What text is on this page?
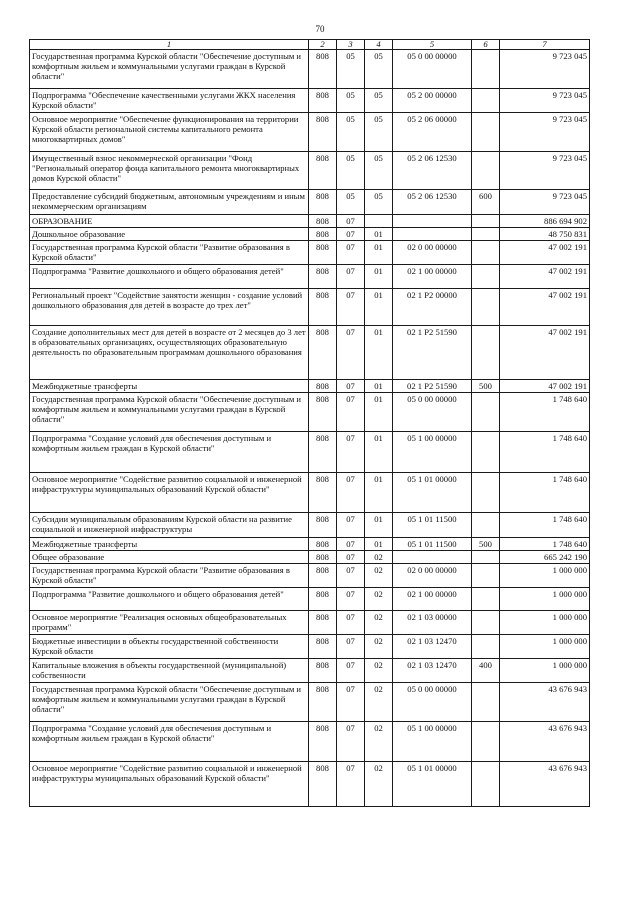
70
1	2	3	4	5	6	7
Государственная программа Курской области "Обеспечение доступным и комфортным жильем и коммунальными услугами граждан в Курской области"	808	05	05	05 0 00 00000		9 723 045
Подпрограмма "Обеспечение качественными услугами ЖКХ населения Курской области"	808	05	05	05 2 00 00000		9 723 045
Основное мероприятие "Обеспечение функционирования на территории Курской области региональной системы капитального ремонта многоквартирных домов"	808	05	05	05 2 06 00000		9 723 045
Имущественный взнос некоммерческой организации "Фонд "Региональный оператор фонда капитального ремонта многоквартирных домов Курской области"	808	05	05	05 2 06 12530		9 723 045
Предоставление субсидий бюджетным, автономным учреждениям и иным некоммерческим организациям	808	05	05	05 2 06 12530	600	9 723 045
ОБРАЗОВАНИЕ	808	07				886 694 902
Дошкольное образование	808	07	01			48 750 831
Государственная программа Курской области "Развитие образования в Курской области"	808	07	01	02 0 00 00000		47 002 191
Подпрограмма "Развитие дошкольного и общего образования детей"	808	07	01	02 1 00 00000		47 002 191
Региональный проект "Содействие занятости женщин - создание условий дошкольного образования для детей в возрасте до трех лет"	808	07	01	02 1 P2 00000		47 002 191
Создание дополнительных мест для детей в возрасте от 2 месяцев до 3 лет в образовательных организациях, осуществляющих образовательную деятельность по образовательным программам дошкольного образования	808	07	01	02 1 P2 51590		47 002 191
Межбюджетные трансферты	808	07	01	02 1 P2 51590	500	47 002 191
Государственная программа Курской области "Обеспечение доступным и комфортным жильем и коммунальными услугами граждан в Курской области"	808	07	01	05 0 00 00000		1 748 640
Подпрограмма "Создание условий для обеспечения доступным и комфортным жильем граждан в Курской области"	808	07	01	05 1 00 00000		1 748 640
Основное мероприятие "Содействие развитию социальной и инженерной инфраструктуры муниципальных образований Курской области"	808	07	01	05 1 01 00000		1 748 640
Субсидии муниципальным образованиям Курской области на развитие социальной и инженерной инфраструктуры	808	07	01	05 1 01 11500		1 748 640
Межбюджетные трансферты	808	07	01	05 1 01 11500	500	1 748 640
Общее образование	808	07	02			665 242 190
Государственная программа Курской области "Развитие образования в Курской области"	808	07	02	02 0 00 00000		1 000 000
Подпрограмма "Развитие дошкольного и общего образования детей"	808	07	02	02 1 00 00000		1 000 000
Основное мероприятие "Реализация основных общеобразовательных программ"	808	07	02	02 1 03 00000		1 000 000
Бюджетные инвестиции в объекты государственной собственности Курской области	808	07	02	02 1 03 12470		1 000 000
Капитальные вложения в объекты государственной (муниципальной) собственности	808	07	02	02 1 03 12470	400	1 000 000
Государственная программа Курской области "Обеспечение доступным и комфортным жильем и коммунальными услугами граждан в Курской области"	808	07	02	05 0 00 00000		43 676 943
Подпрограмма "Создание условий для обеспечения доступным и комфортным жильем граждан в Курской области"	808	07	02	05 1 00 00000		43 676 943
Основное мероприятие "Содействие развитию социальной и инженерной инфраструктуры муниципальных образований Курской области"	808	07	02	05 1 01 00000		43 676 943
